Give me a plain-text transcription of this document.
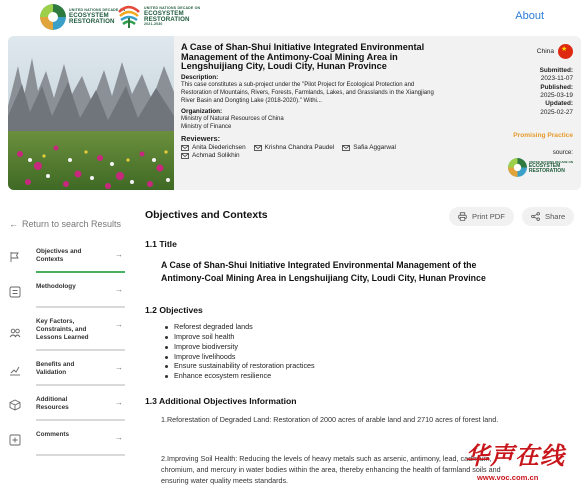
UNITED NATIONS DECADE ON
ECOSYSTEM
RESTORATION
UNITED NATIONS DECADE ON
ECOSYSTEM
RESTORATION
2021-2030
About
A Case of Shan-Shui Initiative Integrated Environmental Management of the Antimony-Coal Mining Area in Lengshuijiang City, Loudi City, Hunan Province
Description:
This case constitutes a sub-project under the "Pilot Project for Ecological Protection and Restoration of Mountains, Rivers, Forests, Farmlands, Lakes, and Grasslands in the Xiangjiang River Basin and Dongting Lake (2018-2020)." Withi...
Organization:
Ministry of Natural Resources of China
Ministry of Finance
Reviewers:
Anita Diederichsen	Krishna Chandra Paudel	Safia Aggarwal
Achmad Solikhin
China
★
Submitted:
2023-11-07
Published:
2025-03-19
Updated:
2025-02-27
Promising Practice
source:
UNITED NATIONS DECADE ON
ECOSYSTEM
RESTORATION
← Return to search Results
Objectives and Contexts
→
Methodology	→
Key Factors, Constraints, and Lessons Learned
→
Benefits and Validation
→
Additional Resources
→
Comments	→
Objectives and Contexts	Print PDF	Share
1.1 Title
A Case of Shan-Shui Initiative Integrated Environmental Management of the Antimony-Coal Mining Area in Lengshuijiang City, Loudi City, Hunan Province
1.2 Objectives
Reforest degraded lands
Improve soil health
Improve biodiversity
Improve livelihoods
Ensure sustainability of restoration practices
Enhance ecosystem resilience
1.3 Additional Objectives Information
1.Reforestation of Degraded Land: Restoration of 2000 acres of arable land and 2710 acres of forest land.
2.Improving Soil Health: Reducing the levels of heavy metals such as arsenic, antimony, lead, cadmium, chromium, and mercury in water bodies within the area, thereby enhancing the health of farmland soils and ensuring water quality meets standards.
华声在线
www.voc.com.cn
